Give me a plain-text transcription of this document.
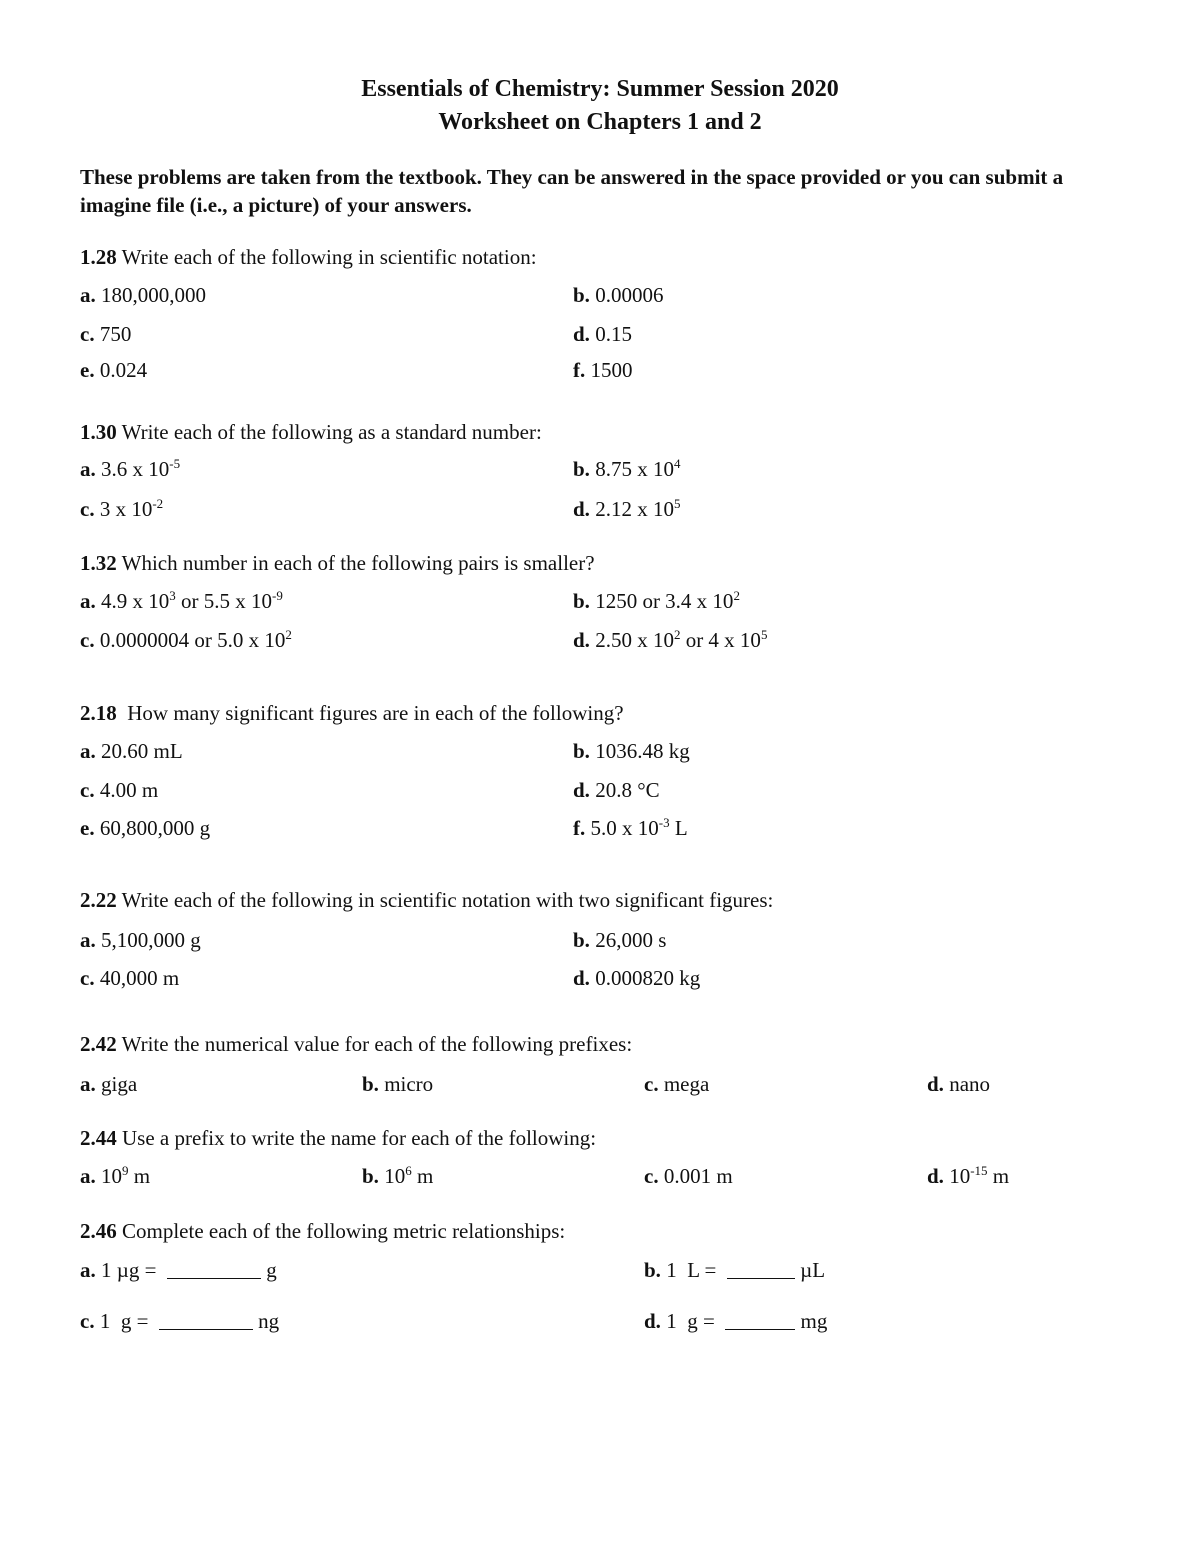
Essentials of Chemistry: Summer Session 2020
Worksheet on Chapters 1 and 2
These problems are taken from the textbook. They can be answered in the space provided or you can submit a imagine file (i.e., a picture) of your answers.
1.28 Write each of the following in scientific notation:
a. 180,000,000	b. 0.00006
c. 750	d. 0.15
e. 0.024	f. 1500
1.30 Write each of the following as a standard number:
a. 3.6 x $10^{-5}$	b. 8.75 x $10^4$
c. 3 x $10^{-2}$	d. 2.12 x $10^5$
1.32 Which number in each of the following pairs is smaller?
a. 4.9 x $10^3$ or 5.5 x $10^{-9}$	b. 1250 or 3.4 x $10^2$
c. 0.0000004 or 5.0 x $10^2$	d. 2.50 x $10^2$ or 4 x $10^5$
2.18  How many significant figures are in each of the following?
a. 20.60 mL	b. 1036.48 kg
c. 4.00 m	d. 20.8 °C
e. 60,800,000 g	f. 5.0 x $10^{-3}$ L
2.22 Write each of the following in scientific notation with two significant figures:
a. 5,100,000 g	b. 26,000 s
c. 40,000 m	d. 0.000820 kg
2.42 Write the numerical value for each of the following prefixes:
a. giga	b. micro	c. mega	d. nano
2.44 Use a prefix to write the name for each of the following:
a. $10^9$ m	b. $10^6$ m	c. 0.001 m	d. $10^{-15}$ m
2.46 Complete each of the following metric relationships:
a. 1 µg =	g	b. 1  L =	µL
c. 1  g =	ng	d. 1  g =	mg
